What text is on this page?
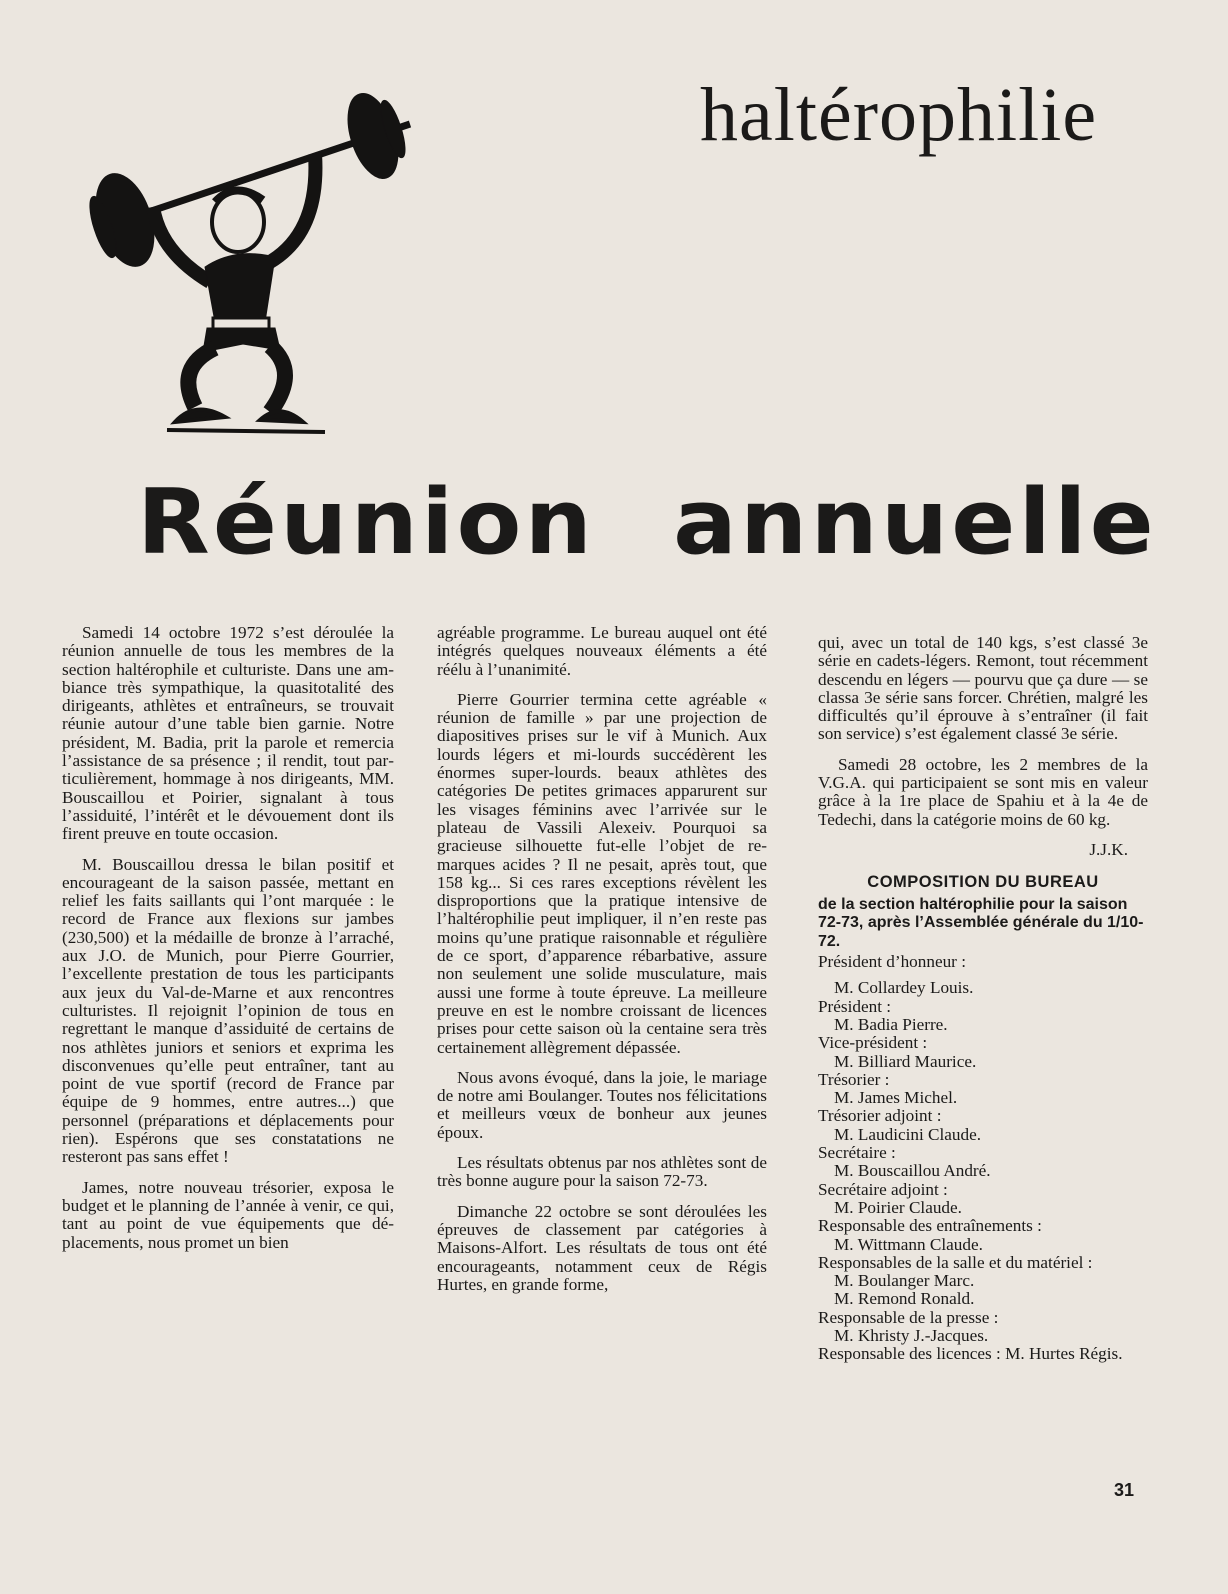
haltérophilie
Réunion annuelle

Samedi 14 octobre 1972 s’est déroulée la réunion annuelle de tous les membres de la section haltérophile et culturiste. Dans une ambiance très sympathique, la quasitotalité des dirigeants, athlètes et entraîneurs, se trouvait réunie autour d’une table bien garnie. Notre président, M. Badia, prit la parole et remercia l’assistance de sa présence ; il rendit, tout particulièrement, hommage à nos dirigeants, MM. Bouscaillou et Poirier, signalant à tous l’assiduité, l’intérêt et le dévouement dont ils firent preuve en toute occasion.

M. Bouscaillou dressa le bilan positif et encourageant de la saison passée, mettant en relief les faits saillants qui l’ont marquée : le record de France aux flexions sur jambes (230,500) et la médaille de bronze à l’arraché, aux J.O. de Munich, pour Pierre Gourrier, l’excellente prestation de tous les participants aux jeux du Val-de-Marne et aux rencontres culturistes. Il rejoignit l’opinion de tous en regrettant le manque d’assiduité de certains de nos athlètes juniors et seniors et exprima les disconvenues qu’elle peut entraîner, tant au point de vue sportif (record de France par équipe de 9 hommes, entre autres...) que personnel (préparations et déplacements pour rien). Espérons que ses constatations ne resteront pas sans effet !

James, notre nouveau trésorier, exposa le budget et le planning de l’année à venir, ce qui, tant au point de vue équipements que déplacements, nous promet un bien

agréable programme. Le bureau auquel ont été intégrés quelques nouveaux éléments a été réélu à l’unanimité.

Pierre Gourrier termina cette agréable « réunion de famille » par une projection de diapositives prises sur le vif à Munich. Aux lourds légers et mi-lourds succédèrent les énormes super-lourds. beaux athlètes des catégories De petites grimaces apparurent sur les visages féminins avec l’arrivée sur le plateau de Vassili Alexeiv. Pourquoi sa gracieuse silhouette fut-elle l’objet de remarques acides ? Il ne pesait, après tout, que 158 kg... Si ces rares exceptions révèlent les disproportions que la pratique intensive de l’haltérophilie peut impliquer, il n’en reste pas moins qu’une pratique raisonnable et régulière de ce sport, d’apparence rébarbative, assure non seulement une solide musculature, mais aussi une forme à toute épreuve. La meilleure preuve en est le nombre croissant de licences prises pour cette saison où la centaine sera très certainement allègrement dépassée.

Nous avons évoqué, dans la joie, le mariage de notre ami Boulanger. Toutes nos félicitations et meilleurs vœux de bonheur aux jeunes époux.

Les résultats obtenus par nos athlètes sont de très bonne augure pour la saison 72-73.

Dimanche 22 octobre se sont déroulées les épreuves de classement par catégories à Maisons-Alfort. Les résultats de tous ont été encourageants, notamment ceux de Régis Hurtes, en grande forme,

qui, avec un total de 140 kgs, s’est classé 3e série en cadets-légers. Remont, tout récemment descendu en légers — pourvu que ça dure — se classa 3e série sans forcer. Chrétien, malgré les difficultés qu’il éprouve à s’entraîner (il fait son service) s’est également classé 3e série.

Samedi 28 octobre, les 2 membres de la V.G.A. qui participaient se sont mis en valeur grâce à la 1re place de Spahiu et à la 4e de Tedechi, dans la catégorie moins de 60 kg.

J.J.K.

COMPOSITION DU BUREAU
de la section haltérophilie pour la saison 72-73, après l’Assemblée générale du 1/10-72.
Président d’honneur :
M. Collardey Louis.
Président :
M. Badia Pierre.
Vice-président :
M. Billiard Maurice.
Trésorier :
M. James Michel.
Trésorier adjoint :
M. Laudicini Claude.
Secrétaire :
M. Bouscaillou André.
Secrétaire adjoint :
M. Poirier Claude.
Responsable des entraînements :
M. Wittmann Claude.
Responsables de la salle et du matériel :
M. Boulanger Marc.
M. Remond Ronald.
Responsable de la presse :
M. Khristy J.-Jacques.
Responsable des licences : M. Hurtes Régis.
31
